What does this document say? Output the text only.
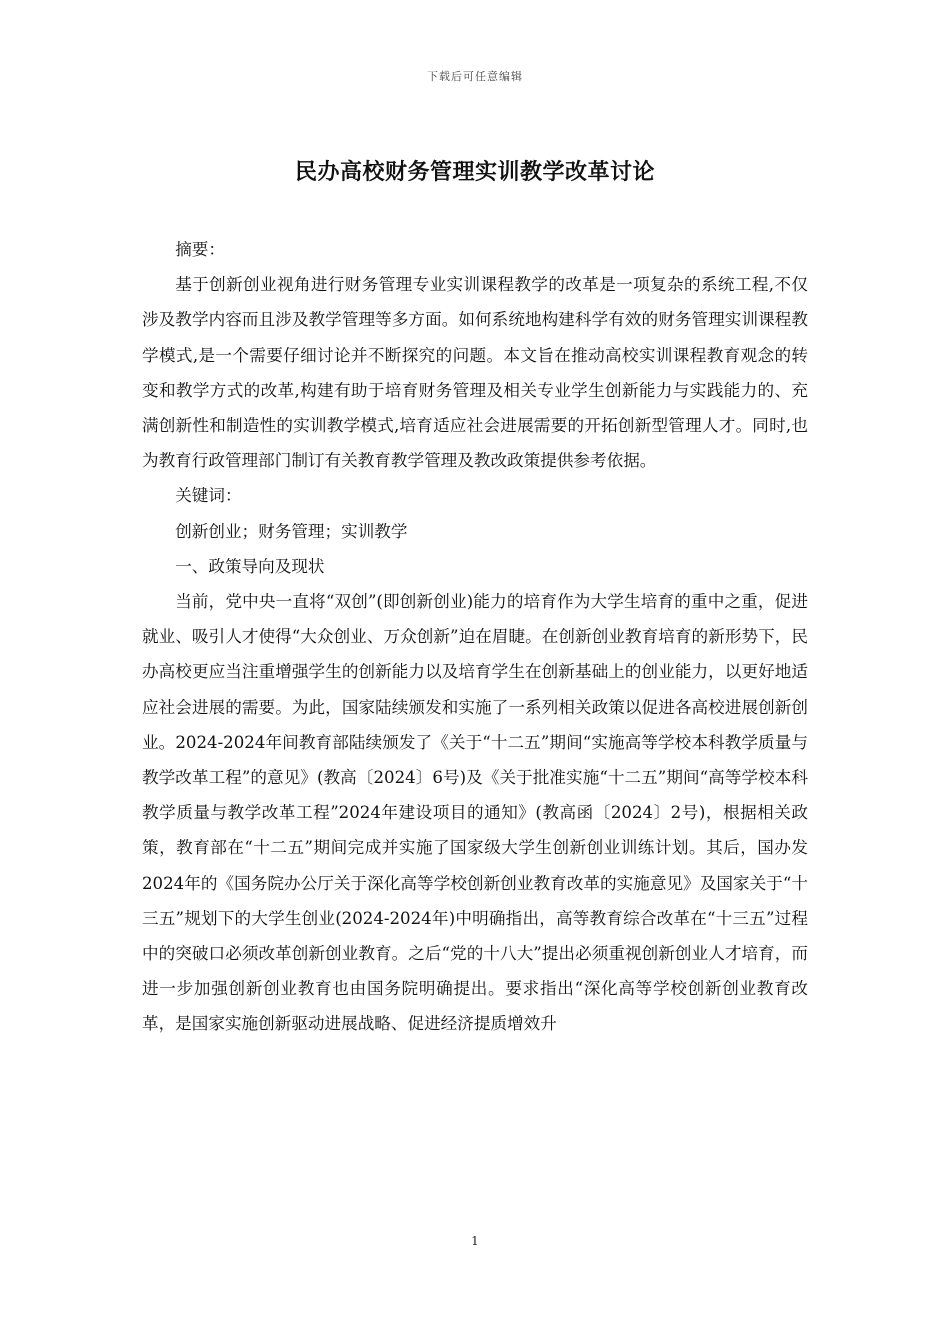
下载后可任意编辑
民办高校财务管理实训教学改革讨论

摘要：

基于创新创业视角进行财务管理专业实训课程教学的改革是一项复杂的系统工程,不仅涉及教学内容而且涉及教学管理等多方面。如何系统地构建科学有效的财务管理实训课程教学模式,是一个需要仔细讨论并不断探究的问题。本文旨在推动高校实训课程教育观念的转变和教学方式的改革,构建有助于培育财务管理及相关专业学生创新能力与实践能力的、充满创新性和制造性的实训教学模式,培育适应社会进展需要的开拓创新型管理人才。同时,也为教育行政管理部门制订有关教育教学管理及教改政策提供参考依据。

关键词：

创新创业；财务管理；实训教学

一、政策导向及现状

当前，党中央一直将“双创”(即创新创业)能力的培育作为大学生培育的重中之重，促进就业、吸引人才使得“大众创业、万众创新”迫在眉睫。在创新创业教育培育的新形势下，民办高校更应当注重增强学生的创新能力以及培育学生在创新基础上的创业能力，以更好地适应社会进展的需要。为此，国家陆续颁发和实施了一系列相关政策以促进各高校进展创新创业。2024-2024年间教育部陆续颁发了《关于“十二五”期间“实施高等学校本科教学质量与教学改革工程”的意见》(教高〔2024〕6号)及《关于批准实施“十二五”期间“高等学校本科教学质量与教学改革工程”2024年建设项目的通知》(教高函〔2024〕2号)，根据相关政策，教育部在“十二五”期间完成并实施了国家级大学生创新创业训练计划。其后，国办发2024年的《国务院办公厅关于深化高等学校创新创业教育改革的实施意见》及国家关于“十三五”规划下的大学生创业(2024-2024年)中明确指出，高等教育综合改革在“十三五”过程中的突破口必须改革创新创业教育。之后“党的十八大”提出必须重视创新创业人才培育，而进一步加强创新创业教育也由国务院明确提出。要求指出“深化高等学校创新创业教育改革，是国家实施创新驱动进展战略、促进经济提质增效升

1
